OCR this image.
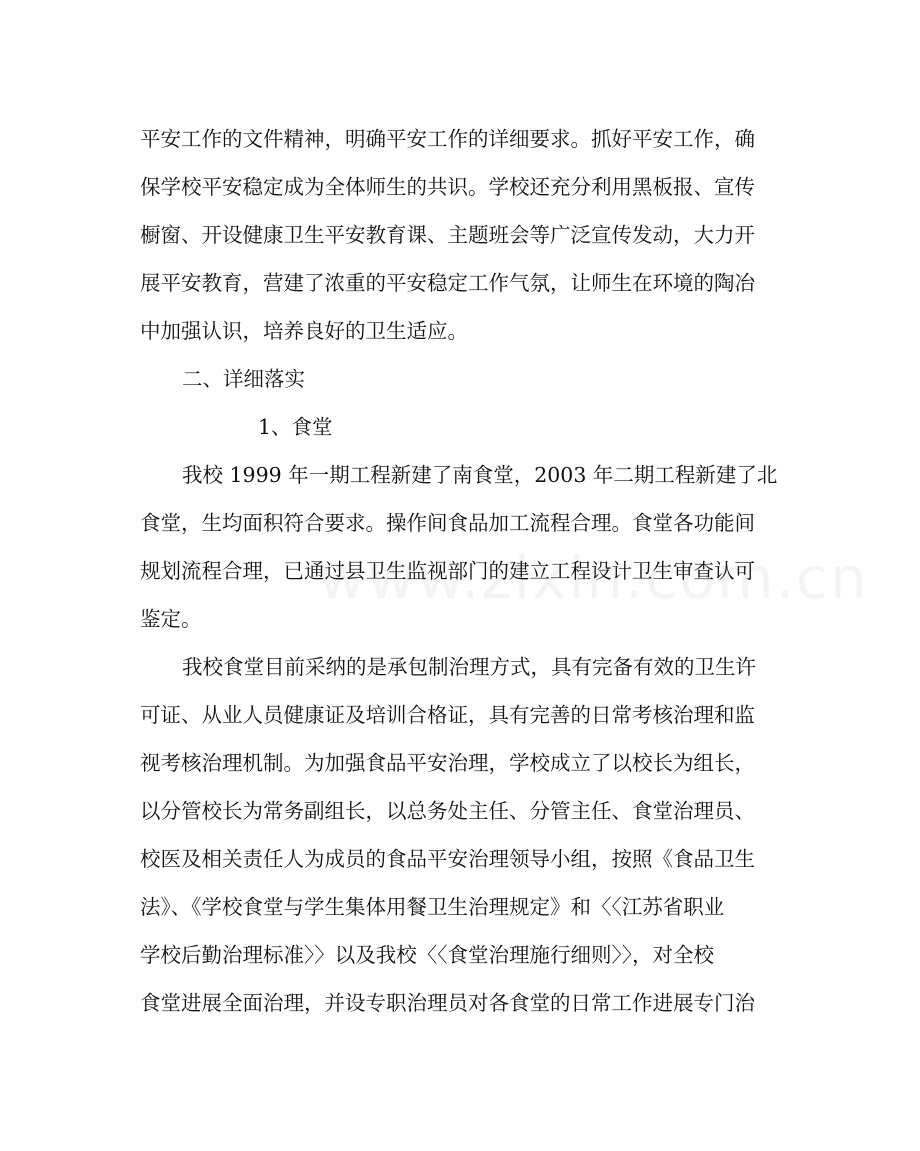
平安工作的文件精神，明确平安工作的详细要求。抓好平安工作，确
保学校平安稳定成为全体师生的共识。学校还充分利用黑板报、宣传
橱窗、开设健康卫生平安教育课、主题班会等广泛宣传发动，大力开
展平安教育，营建了浓重的平安稳定工作气氛，让师生在环境的陶冶
中加强认识，培养良好的卫生适应。
二、详细落实
1、食堂
我校 1999 年一期工程新建了南食堂，2003 年二期工程新建了北
食堂，生均面积符合要求。操作间食品加工流程合理。食堂各功能间
规划流程合理，已通过县卫生监视部门的建立工程设计卫生审查认可
鉴定。
我校食堂目前采纳的是承包制治理方式，具有完备有效的卫生许
可证、从业人员健康证及培训合格证，具有完善的日常考核治理和监
视考核治理机制。为加强食品平安治理，学校成立了以校长为组长，
以分管校长为常务副组长，以总务处主任、分管主任、食堂治理员、
校医及相关责任人为成员的食品平安治理领导小组，按照《食品卫生
法》、《学校食堂与学生集体用餐卫生治理规定》和〈〈江苏省职业
学校后勤治理标准〉〉以及我校〈〈食堂治理施行细则〉〉，对全校
食堂进展全面治理，并设专职治理员对各食堂的日常工作进展专门治
